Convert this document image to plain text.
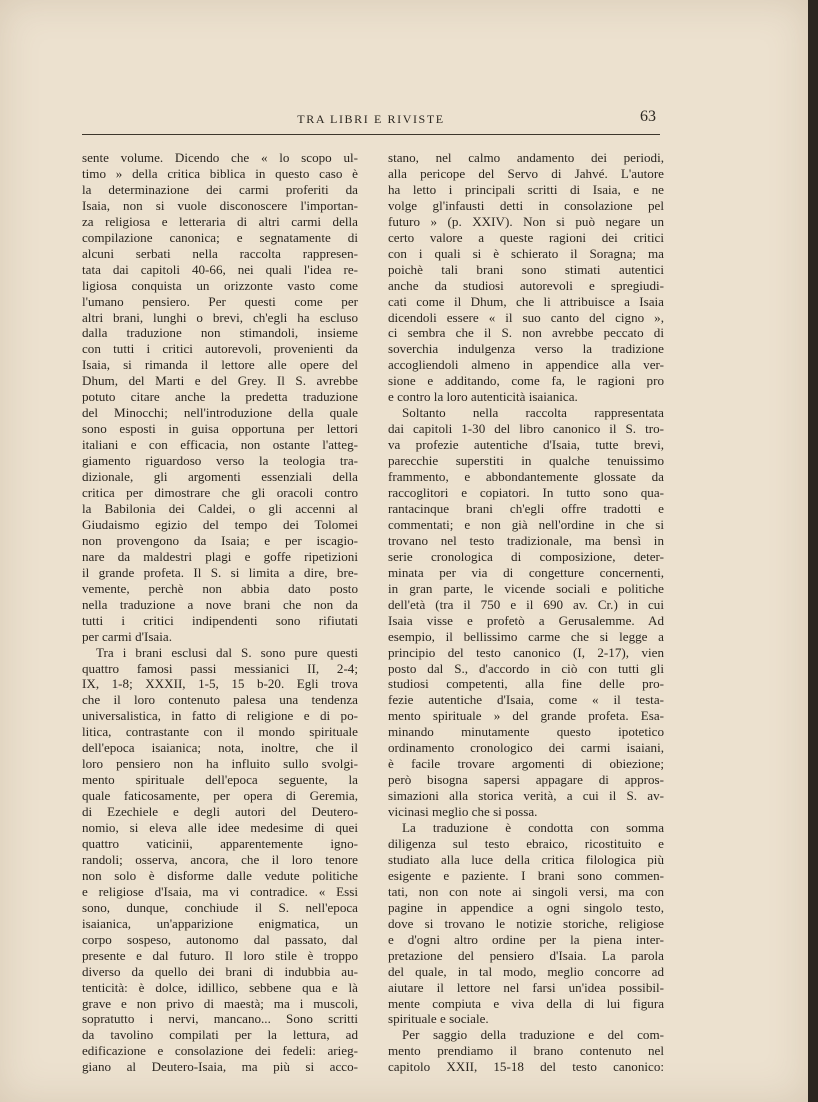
TRA LIBRI E RIVISTE	63
sente volume. Dicendo che « lo scopo ul-
timo » della critica biblica in questo caso è
la determinazione dei carmi proferiti da
Isaia, non si vuole disconoscere l'importan-
za religiosa e letteraria di altri carmi della
compilazione canonica; e segnatamente di
alcuni serbati nella raccolta rappresen-
tata dai capitoli 40-66, nei quali l'idea re-
ligiosa conquista un orizzonte vasto come
l'umano pensiero. Per questi come per
altri brani, lunghi o brevi, ch'egli ha escluso
dalla traduzione non stimandoli, insieme
con tutti i critici autorevoli, provenienti da
Isaia, si rimanda il lettore alle opere del
Dhum, del Marti e del Grey. Il S. avrebbe
potuto citare anche la predetta traduzione
del Minocchi; nell'introduzione della quale
sono esposti in guisa opportuna per lettori
italiani e con efficacia, non ostante l'atteg-
giamento riguardoso verso la teologia tra-
dizionale, gli argomenti essenziali della
critica per dimostrare che gli oracoli contro
la Babilonia dei Caldei, o gli accenni al
Giudaismo egizio del tempo dei Tolomei
non provengono da Isaia; e per iscagio-
nare da maldestri plagi e goffe ripetizioni
il grande profeta. Il S. si limita a dire, bre-
vemente, perchè non abbia dato posto
nella traduzione a nove brani che non da
tutti i critici indipendenti sono rifiutati
per carmi d'Isaia.
Tra i brani esclusi dal S. sono pure questi
quattro famosi passi messianici II, 2-4;
IX, 1-8; XXXII, 1-5, 15 b-20. Egli trova
che il loro contenuto palesa una tendenza
universalistica, in fatto di religione e di po-
litica, contrastante con il mondo spirituale
dell'epoca isaianica; nota, inoltre, che il
loro pensiero non ha influito sullo svolgi-
mento spirituale dell'epoca seguente, la
quale faticosamente, per opera di Geremia,
di Ezechiele e degli autori del Deutero-
nomio, si eleva alle idee medesime di quei
quattro vaticinii, apparentemente igno-
randoli; osserva, ancora, che il loro tenore
non solo è disforme dalle vedute politiche
e religiose d'Isaia, ma vi contradice. « Essi
sono, dunque, conchiude il S. nell'epoca
isaianica, un'apparizione enigmatica, un
corpo sospeso, autonomo dal passato, dal
presente e dal futuro. Il loro stile è troppo
diverso da quello dei brani di indubbia au-
tenticità: è dolce, idillico, sebbene qua e là
grave e non privo di maestà; ma i muscoli,
sopratutto i nervi, mancano... Sono scritti
da tavolino compilati per la lettura, ad
edificazione e consolazione dei fedeli: arieg-
giano al Deutero-Isaia, ma più si acco-
stano, nel calmo andamento dei periodi,
alla pericope del Servo di Jahvé. L'autore
ha letto i principali scritti di Isaia, e ne
volge gl'infausti detti in consolazione pel
futuro » (p. XXIV). Non si può negare un
certo valore a queste ragioni dei critici
con i quali si è schierato il Soragna; ma
poichè tali brani sono stimati autentici
anche da studiosi autorevoli e spregiudi-
cati come il Dhum, che li attribuisce a Isaia
dicendoli essere « il suo canto del cigno »,
ci sembra che il S. non avrebbe peccato di
soverchia indulgenza verso la tradizione
accogliendoli almeno in appendice alla ver-
sione e additando, come fa, le ragioni pro
e contro la loro autenticità isaianica.
Soltanto nella raccolta rappresentata
dai capitoli 1-30 del libro canonico il S. tro-
va profezie autentiche d'Isaia, tutte brevi,
parecchie superstiti in qualche tenuissimo
frammento, e abbondantemente glossate da
raccoglitori e copiatori. In tutto sono qua-
rantacinque brani ch'egli offre tradotti e
commentati; e non già nell'ordine in che si
trovano nel testo tradizionale, ma bensì in
serie cronologica di composizione, deter-
minata per via di congetture concernenti,
in gran parte, le vicende sociali e politiche
dell'età (tra il 750 e il 690 av. Cr.) in cui
Isaia visse e profetò a Gerusalemme. Ad
esempio, il bellissimo carme che si legge a
principio del testo canonico (I, 2-17), vien
posto dal S., d'accordo in ciò con tutti gli
studiosi competenti, alla fine delle pro-
fezie autentiche d'Isaia, come « il testa-
mento spirituale » del grande profeta. Esa-
minando minutamente questo ipotetico
ordinamento cronologico dei carmi isaiani,
è facile trovare argomenti di obiezione;
però bisogna sapersi appagare di appros-
simazioni alla storica verità, a cui il S. av-
vicinasi meglio che si possa.
La traduzione è condotta con somma
diligenza sul testo ebraico, ricostituito e
studiato alla luce della critica filologica più
esigente e paziente. I brani sono commen-
tati, non con note ai singoli versi, ma con
pagine in appendice a ogni singolo testo,
dove si trovano le notizie storiche, religiose
e d'ogni altro ordine per la piena inter-
pretazione del pensiero d'Isaia. La parola
del quale, in tal modo, meglio concorre ad
aiutare il lettore nel farsi un'idea possibil-
mente compiuta e viva della di lui figura
spirituale e sociale.
Per saggio della traduzione e del com-
mento prendiamo il brano contenuto nel
capitolo XXII, 15-18 del testo canonico:
